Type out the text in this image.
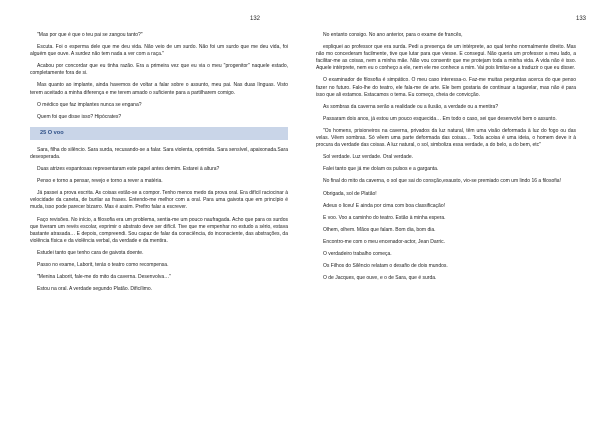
132

"Mas por que é que o teu pai se zangou tanto?"

Escuta. Foi o esperma dele que me deu vida. Não veio de um surdo. Não foi um surdo que me deu vida, foi alguém que ouve. A surdez não tem nada a ver com a raça."

Acabou por concordar que eu tinha razão. Era a primeira vez que eu via o meu "progenitor" naquele estado, completamente fora de si.

Mas quanto ao implante, ainda havemos de voltar a falar sobre o assunto, meu pai. Nas duas línguas. Visto terem aceitado a minha diferença e me terem amado o suficiente para a partilharem comigo.

O médico que faz implantes nunca se engana?

Quem foi que disse isso? Hipócrates?

25 O voo

Sara, filha do silêncio. Sara surda, recusando-se a falar. Sara violenta, oprimida. Sara sensível, apaixonada.Sara desesperada.

Duas atrizes espantosas representaram este papel antes demim. Estarei à altura?

Penso e torno a pensar, revejo e torno a rever a matéria.

Já passei a prova escrita. As coisas estão-se a compor. Tenho menos medo da prova oral. Era difícil raciocinar à velocidade da caneta, de burilar as frases. Entendo-me melhor com a oral. Para uma gaivota que em princípio é muda, isso pode parecer bizarro. Mas é assim. Prefiro falar a escrever.

Faço revisões. No início, a filosofia era um problema, sentia-me um pouco naufragada. Acho que para os surdos que tiveram um revés escolar, exprimir o abstrato deve ser difícil. Tive que me empenhar no estudo a sério, estava bastante atrasada… E depois, compreendi. Sou capaz de falar da consciência, do inconsciente, das abstrações, da violência física e da violência verbal, da verdade e da mentira.

Estudei tanto que tenho cara de gaivota doente.

Passo no exame, Laborit, terás o teatro como recompensa.

"Menina Laborit, fale-me do mito da caverna. Desenvolva…"

Estou na oral. A verdade segundo Platão. Dificílimo.

133

No entanto consigo. No ano anterior, para o exame de francês,

expliquei ao professor que era surda. Pedi a presença de um intérprete, ao qual tenho normalmente direito. Mas não mo concederam facilmente, tive que lutar para que viesse. E consegui. Não queria um professor a meu lado, a facilitar-me as coisas, nem a minha mãe. Não vou consentir que me protejam toda a minha vida. A vida não é isso. Aquele intérprete, nem eu o conheço a ele, nem ele me conhece a mim. Vai pois limitar-se a traduzir o que eu disser.

O examinador de filosofia é simpático. O meu caso interessa-o. Faz-me muitas perguntas acerca do que penso fazer no futuro. Falo-lhe do teatro, ele fala-me de arte. Ele bem gostaria de continuar a tagarelar, mas não é para isso que ali estamos. Estacamos o tema. Eu começo, cheia de convicção.

As sombras da caverna serão a realidade ou a ilusão, a verdade ou a mentira?

Passaram dois anos, já estou um pouco esquecida… Em todo o caso, sei que desenvolvi bem o assunto.

"Os homens, prisioneiros na caverna, privados da luz natural, têm uma visão deformada à luz do fogo ou das velas. Vêem sombras. Só vêem uma parte deformada das coisas… Toda acoisa é uma ideia, o homem deve ir à procura da verdade das coisas. A luz natural, o sol, simboliza essa verdade, a do belo, a do bem, etc"

Sol verdade. Luz verdade. Oral verdade.

Falei tanto que já me doíam os pulsos e a garganta.

No final do mito da caverna, o sol que sai do consção,exausto, vio-se premiado com um lindo 16 a filosofia!

Obrigada, sol de Platão!

Adeus o liceu! E ainda por cima com boa classificação!

E voo. Voo a caminho do teatro. Estão à minha espera.

Olhem, olhem. Mãos que falam. Bom dia, bom dia.

Encontro-me com o meu encenador-actor, Jean Darric.

O verdadeiro trabalho começa.

Os Filhos do Silêncio relatam o desafio de dois mundos.

O de Jacques, que ouve, e o de Sara, que é surda.
